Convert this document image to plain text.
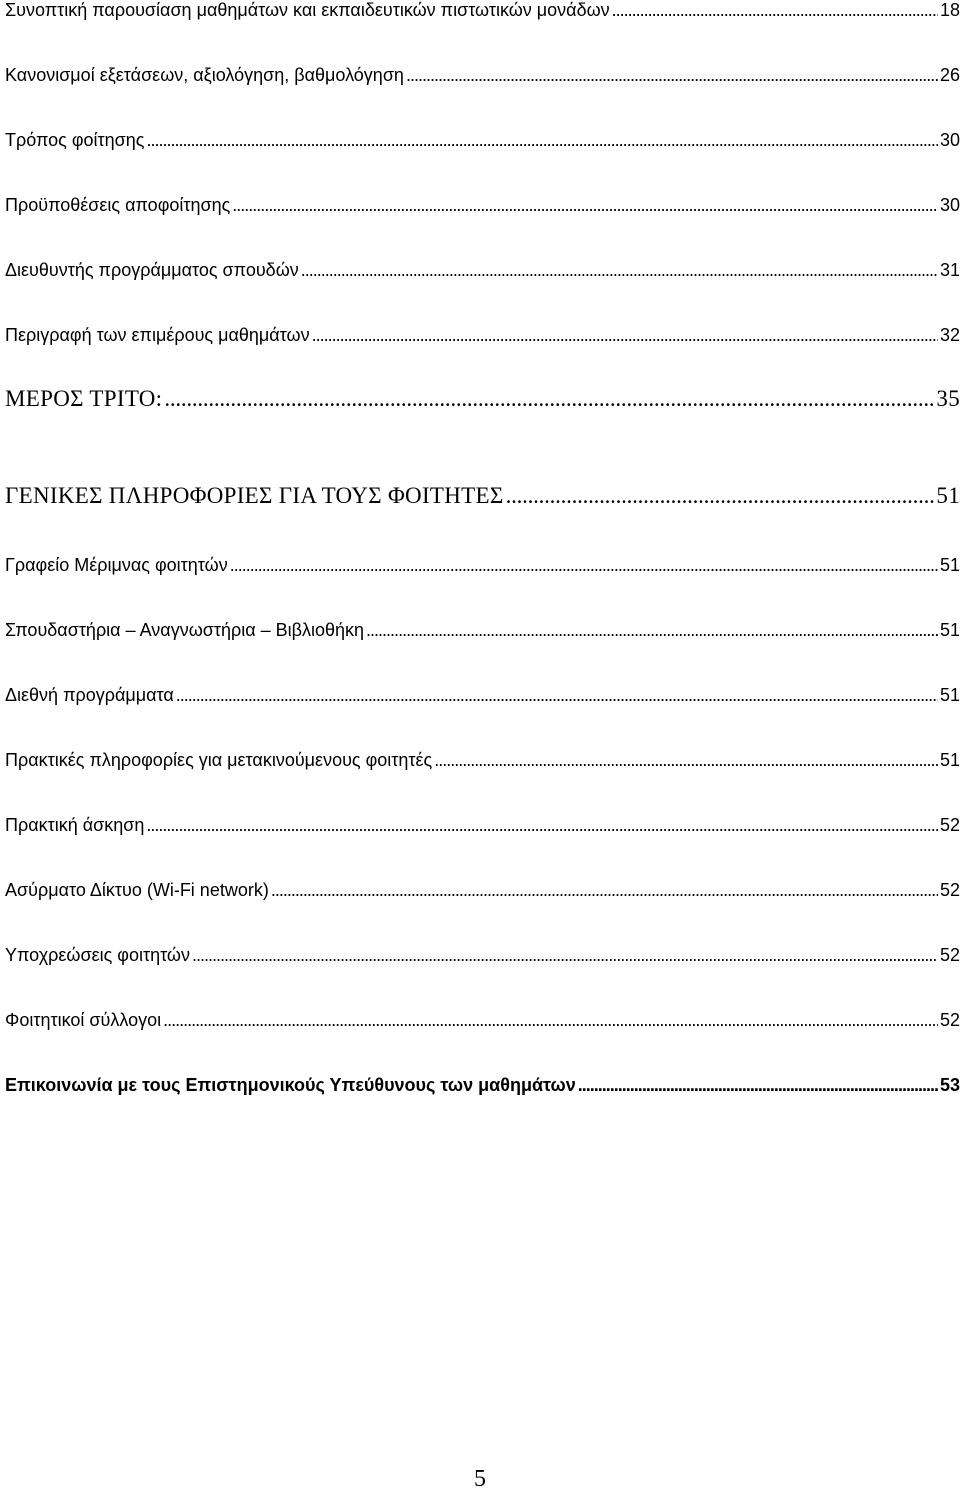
Συνοπτική παρουσίαση μαθημάτων και εκπαιδευτικών πιστωτικών μονάδων . . .	18
Κανονισμοί εξετάσεων, αξιολόγηση, βαθμολόγηση . . .	26
Τρόπος φοίτησης . . .	30
Προϋποθέσεις αποφοίτησης . . .	30
Διευθυντής προγράμματος σπουδών . . .	31
Περιγραφή των επιμέρους μαθημάτων . . .	32
ΜΕΡΟΣ ΤΡΙΤΟ: . . .	35
ΓΕΝΙΚΕΣ ΠΛΗΡΟΦΟΡΙΕΣ ΓΙΑ ΤΟΥΣ ΦΟΙΤΗΤΕΣ . . .	51
Γραφείο Μέριμνας φοιτητών . . .	51
Σπουδαστήρια – Αναγνωστήρια – Βιβλιοθήκη . . .	51
Διεθνή προγράμματα . . .	51
Πρακτικές πληροφορίες για μετακινούμενους φοιτητές . . .	51
Πρακτική άσκηση . . .	52
Ασύρματο Δίκτυο (Wi-Fi network) . . .	52
Υποχρεώσεις φοιτητών . . .	52
Φοιτητικοί σύλλογοι . . .	52
Επικοινωνία με τους Επιστημονικούς Υπεύθυνους των μαθημάτων . . .	53
5
